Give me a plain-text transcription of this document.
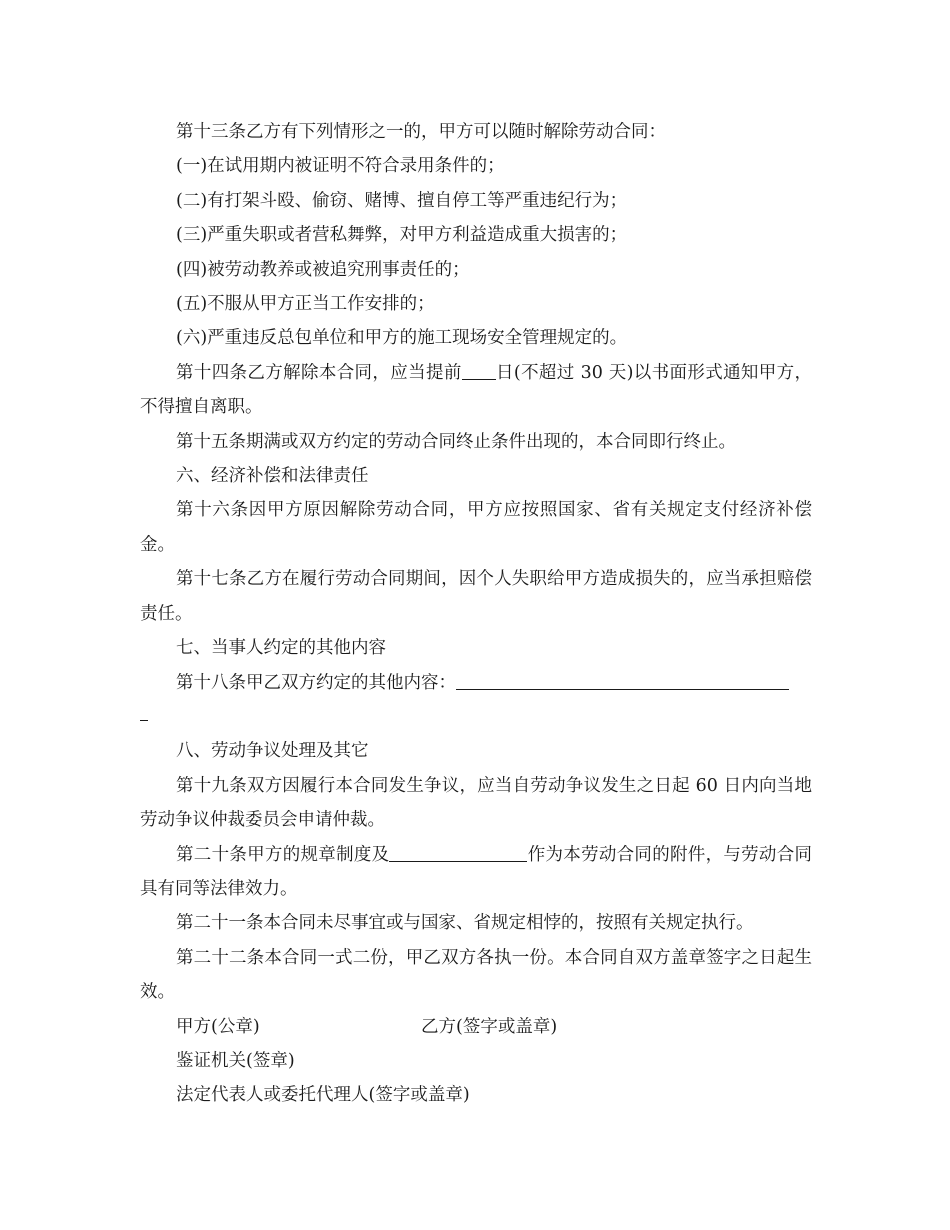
第十三条乙方有下列情形之一的，甲方可以随时解除劳动合同：

(一)在试用期内被证明不符合录用条件的；

(二)有打架斗殴、偷窃、赌博、擅自停工等严重违纪行为；

(三)严重失职或者营私舞弊，对甲方利益造成重大损害的；

(四)被劳动教养或被追究刑事责任的；

(五)不服从甲方正当工作安排的；

(六)严重违反总包单位和甲方的施工现场安全管理规定的。

第十四条乙方解除本合同，应当提前 日(不超过 30 天)以书面形式通知甲方，不得擅自离职。

第十五条期满或双方约定的劳动合同终止条件出现的，本合同即行终止。

六、经济补偿和法律责任

第十六条因甲方原因解除劳动合同，甲方应按照国家、省有关规定支付经济补偿金。

第十七条乙方在履行劳动合同期间，因个人失职给甲方造成损失的，应当承担赔偿责任。

七、当事人约定的其他内容

第十八条甲乙双方约定的其他内容：

八、劳动争议处理及其它

第十九条双方因履行本合同发生争议，应当自劳动争议发生之日起 60 日内向当地劳动争议仲裁委员会申请仲裁。

第二十条甲方的规章制度及	作为本劳动合同的附件，与劳动合同具有同等法律效力。

第二十一条本合同未尽事宜或与国家、省规定相悖的，按照有关规定执行。

第二十二条本合同一式二份，甲乙双方各执一份。本合同自双方盖章签字之日起生效。

甲方(公章)	乙方(签字或盖章)

鉴证机关(签章)

法定代表人或委托代理人(签字或盖章)
